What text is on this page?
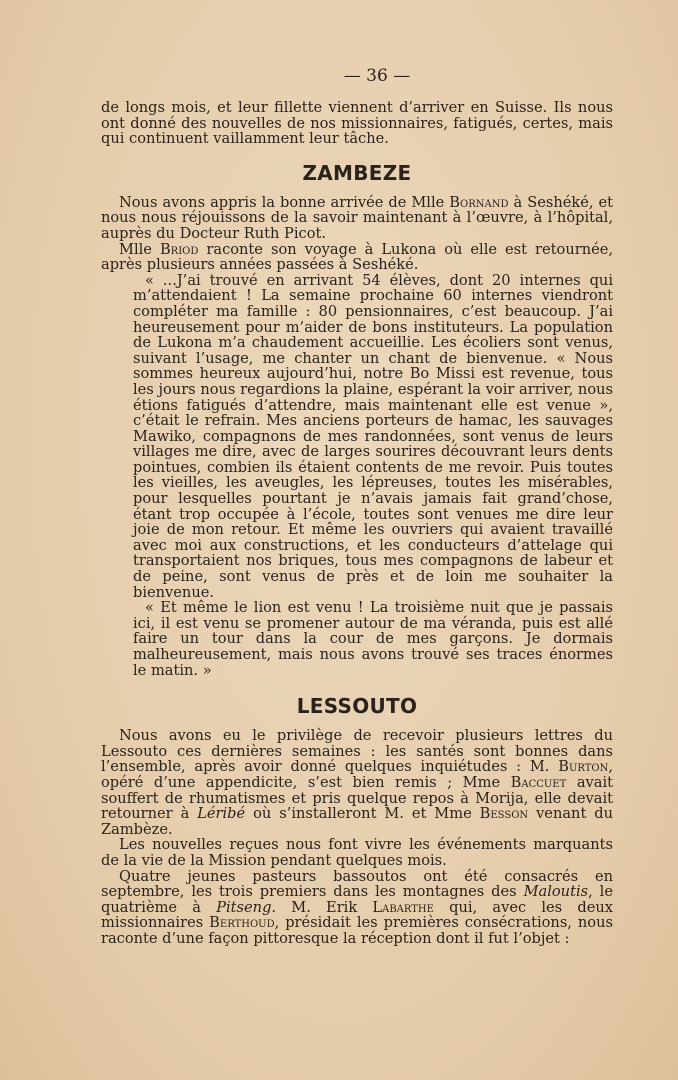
— 36 —

de longs mois, et leur fillette viennent d’arriver en Suisse. Ils nous ont donné des nouvelles de nos missionnaires, fatigués, certes, mais qui continuent vaillamment leur tâche.

ZAMBEZE

Nous avons appris la bonne arrivée de Mlle Bornand à Seshéké, et nous nous réjouissons de la savoir maintenant à l’œuvre, à l’hôpital, auprès du Docteur Ruth Picot.

Mlle Briod raconte son voyage à Lukona où elle est retournée, après plusieurs années passées à Seshéké.

« ...J’ai trouvé en arrivant 54 élèves, dont 20 internes qui m’attendaient ! La semaine prochaine 60 internes viendront compléter ma famille : 80 pensionnaires, c’est beaucoup. J’ai heureusement pour m’aider de bons instituteurs. La population de Lukona m’a chaudement accueillie. Les écoliers sont venus, suivant l’usage, me chanter un chant de bienvenue. « Nous sommes heureux aujourd’hui, notre Bo Missi est revenue, tous les jours nous regardions la plaine, espérant la voir arriver, nous étions fatigués d’attendre, mais maintenant elle est venue », c’était le refrain. Mes anciens porteurs de hamac, les sauvages Mawiko, compagnons de mes randonnées, sont venus de leurs villages me dire, avec de larges sourires découvrant leurs dents pointues, combien ils étaient contents de me revoir. Puis toutes les vieilles, les aveugles, les lépreuses, toutes les misérables, pour lesquelles pourtant je n’avais jamais fait grand’chose, étant trop occupée à l’école, toutes sont venues me dire leur joie de mon retour. Et même les ouvriers qui avaient travaillé avec moi aux constructions, et les conducteurs d’attelage qui transportaient nos briques, tous mes compagnons de labeur et de peine, sont venus de près et de loin me souhaiter la bienvenue.

« Et même le lion est venu ! La troisième nuit que je passais ici, il est venu se promener autour de ma véranda, puis est allé faire un tour dans la cour de mes garçons. Je dormais malheureusement, mais nous avons trouvé ses traces énormes le matin. »

LESSOUTO

Nous avons eu le privilège de recevoir plusieurs lettres du Lessouto ces dernières semaines : les santés sont bonnes dans l’ensemble, après avoir donné quelques inquiétudes : M. Burton, opéré d’une appendicite, s’est bien remis ; Mme Baccuet avait souffert de rhumatismes et pris quelque repos à Morija, elle devait retourner à Léribé où s’installeront M. et Mme Besson venant du Zambèze.

Les nouvelles reçues nous font vivre les événements marquants de la vie de la Mission pendant quelques mois.

Quatre jeunes pasteurs bassoutos ont été consacrés en septembre, les trois premiers dans les montagnes des Maloutis, le quatrième à Pitseng. M. Erik Labarthe qui, avec les deux missionnaires Berthoud, présidait les premières consécrations, nous raconte d’une façon pittoresque la réception dont il fut l’objet :
